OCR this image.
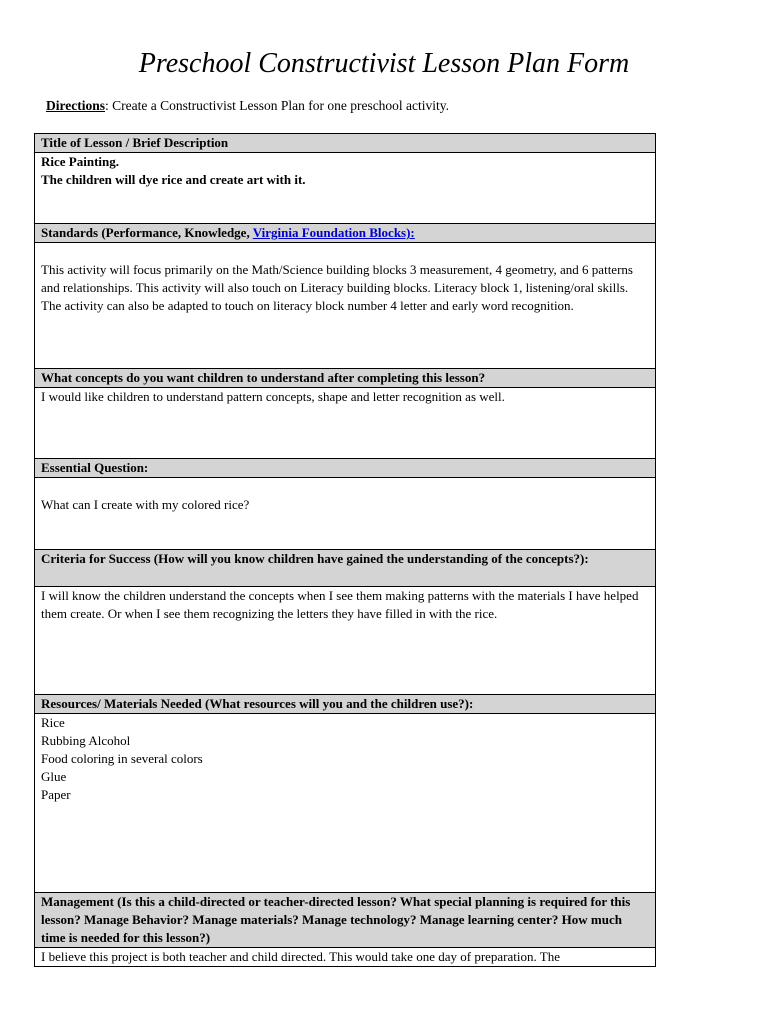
Preschool Constructivist Lesson Plan Form
Directions: Create a Constructivist Lesson Plan for one preschool activity.
Title of Lesson / Brief Description

Rice Painting.

The children will dye rice and create art with it.

Standards (Performance, Knowledge, Virginia Foundation Blocks):

This activity will focus primarily on the Math/Science building blocks 3 measurement, 4 geometry, and 6 patterns and relationships. This activity will also touch on Literacy building blocks. Literacy block 1, listening/oral skills. The activity can also be adapted to touch on literacy block number 4 letter and early word recognition.

What concepts do you want children to understand after completing this lesson?

I would like children to understand pattern concepts, shape and letter recognition as well.

Essential Question:

What can I create with my colored rice?

Criteria for Success (How will you know children have gained the understanding of the concepts?):

I will know the children understand the concepts when I see them making patterns with the materials I have helped them create. Or when I see them recognizing the letters they have filled in with the rice.

Resources/ Materials Needed (What resources will you and the children use?):

Rice

Rubbing Alcohol

Food coloring in several colors

Glue

Paper

Management (Is this a child-directed or teacher-directed lesson? What special planning is required for this lesson? Manage Behavior? Manage materials? Manage technology? Manage learning center? How much time is needed for this lesson?)

I believe this project is both teacher and child directed. This would take one day of preparation. The
